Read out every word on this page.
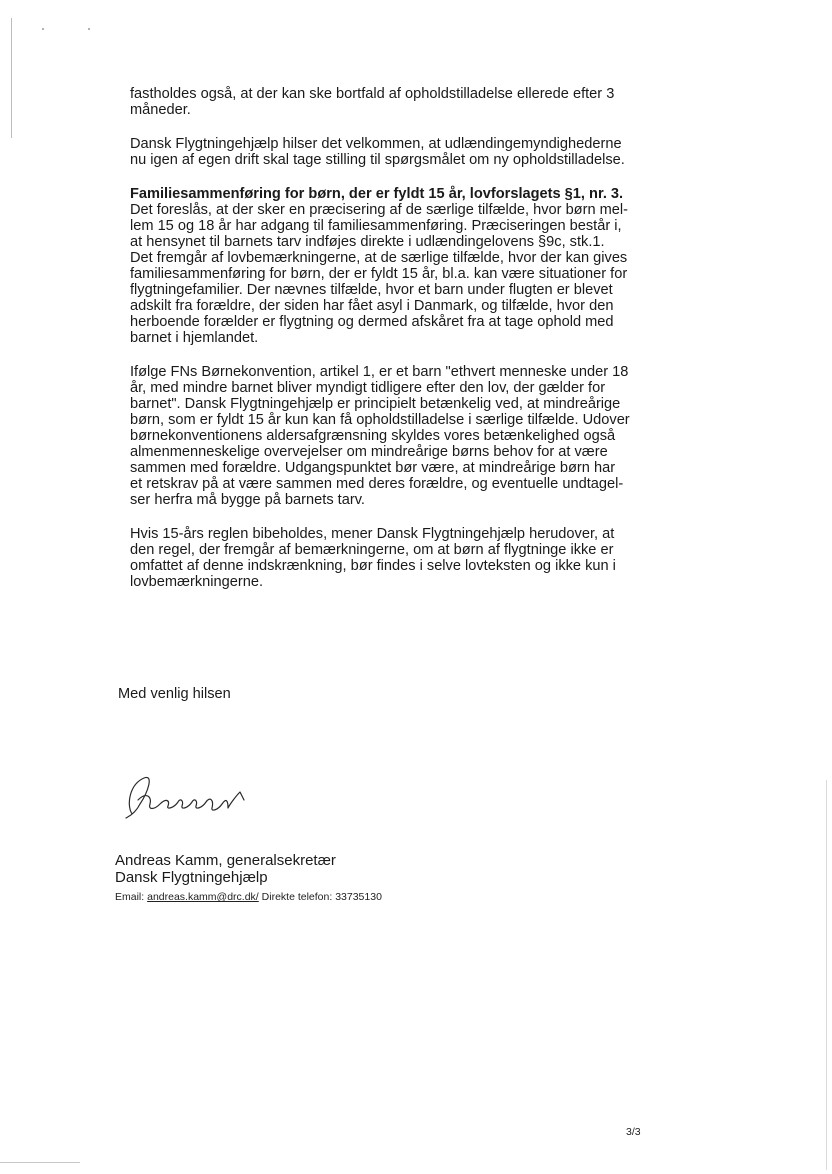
fastholdes også, at der kan ske bortfald af opholdstilladelse ellerede efter 3
måneder.

Dansk Flygtningehjælp hilser det velkommen, at udlændingemyndighederne
nu igen af egen drift skal tage stilling til spørgsmålet om ny opholdstilladelse.

Familiesammenføring for børn, der er fyldt 15 år, lovforslagets §1, nr. 3.

Det foreslås, at der sker en præcisering af de særlige tilfælde, hvor børn mel-
lem 15 og 18 år har adgang til familiesammenføring. Præciseringen består i,
at hensynet til barnets tarv indføjes direkte i udlændingelovens §9c, stk.1.
Det fremgår af lovbemærkningerne, at de særlige tilfælde, hvor der kan gives
familiesammenføring for børn, der er fyldt 15 år, bl.a. kan være situationer for
flygtningefamilier. Der nævnes tilfælde, hvor et barn under flugten er blevet
adskilt fra forældre, der siden har fået asyl i Danmark, og tilfælde, hvor den
herboende forælder er flygtning og dermed afskåret fra at tage ophold med
barnet i hjemlandet.

Ifølge FNs Børnekonvention, artikel 1, er et barn "ethvert menneske under 18
år, med mindre barnet bliver myndigt tidligere efter den lov, der gælder for
barnet". Dansk Flygtningehjælp er principielt betænkelig ved, at mindreårige
børn, som er fyldt 15 år kun kan få opholdstilladelse i særlige tilfælde. Udover
børnekonventionens aldersafgrænsning skyldes vores betænkelighed også
almenmenneskelige overvejelser om mindreårige børns behov for at være
sammen med forældre. Udgangspunktet bør være, at mindreårige børn har
et retskrav på at være sammen med deres forældre, og eventuelle undtagel-
ser herfra må bygge på barnets tarv.

Hvis 15-års reglen bibeholdes, mener Dansk Flygtningehjælp herudover, at
den regel, der fremgår af bemærkningerne, om at børn af flygtninge ikke er
omfattet af denne indskrænkning, bør findes i selve lovteksten og ikke kun i
lovbemærkningerne.

Med venlig hilsen
Andreas Kamm, generalsekretær
Dansk Flygtningehjælp
Email: andreas.kamm@drc.dk/ Direkte telefon: 33735130
3/3
